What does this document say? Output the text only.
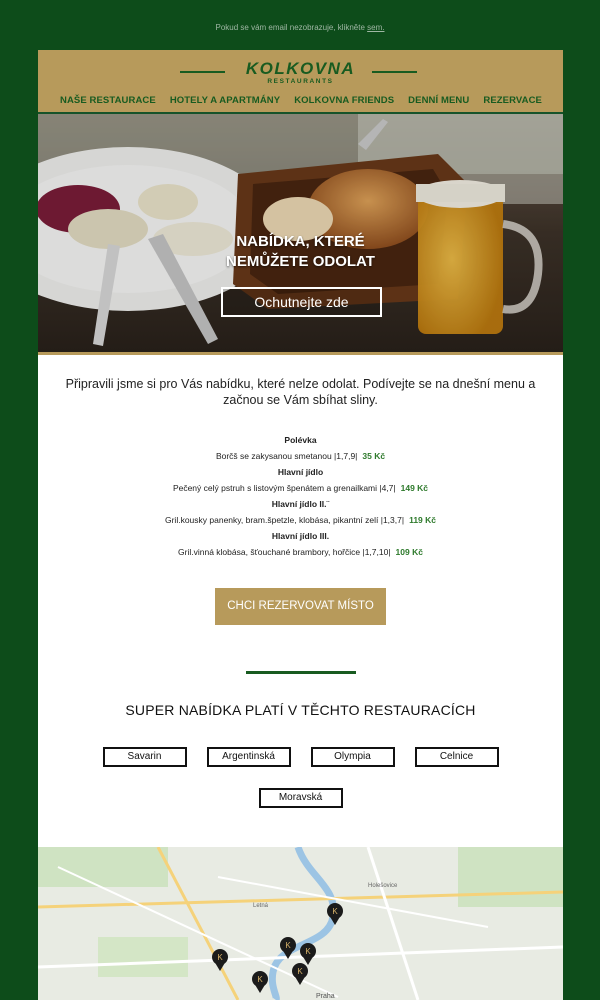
Pokud se vám email nezobrazuje, klikněte sem.
KOLKOVNA
RESTAURANTS
NAŠE RESTAURACE HOTELY A APARTMÁNY KOLKOVNA FRIENDS DENNÍ MENU REZERVACE
NABÍDKA, KTERÉ
NEMŮŽETE ODOLAT
Ochutnejte zde

Připravili jsme si pro Vás nabídku, které nelze odolat. Podívejte se na dnešní menu a začnou se Vám sbíhat sliny.

Polévka
Borčš se zakysanou smetanou |1,7,9| 35 Kč
Hlavní jídlo
Pečený celý pstruh s listovým špenátem a grenailkami |4,7| 149 Kč
Hlavní jídlo II.¨
Gril.kousky panenky, bram.špetzle, klobása, pikantní zelí |1,3,7| 119 Kč
Hlavní jídlo III.
Gril.vinná klobása, šťouchané brambory, hořčice |1,7,10| 109 Kč
CHCI REZERVOVAT MÍSTO
SUPER NABÍDKA PLATÍ V TĚCHTO RESTAURACÍCH
Savarin	Argentinská	Olympia	Celnice
Moravská
K
K
K
K
K
K
Praha
Holešovice
Letná
